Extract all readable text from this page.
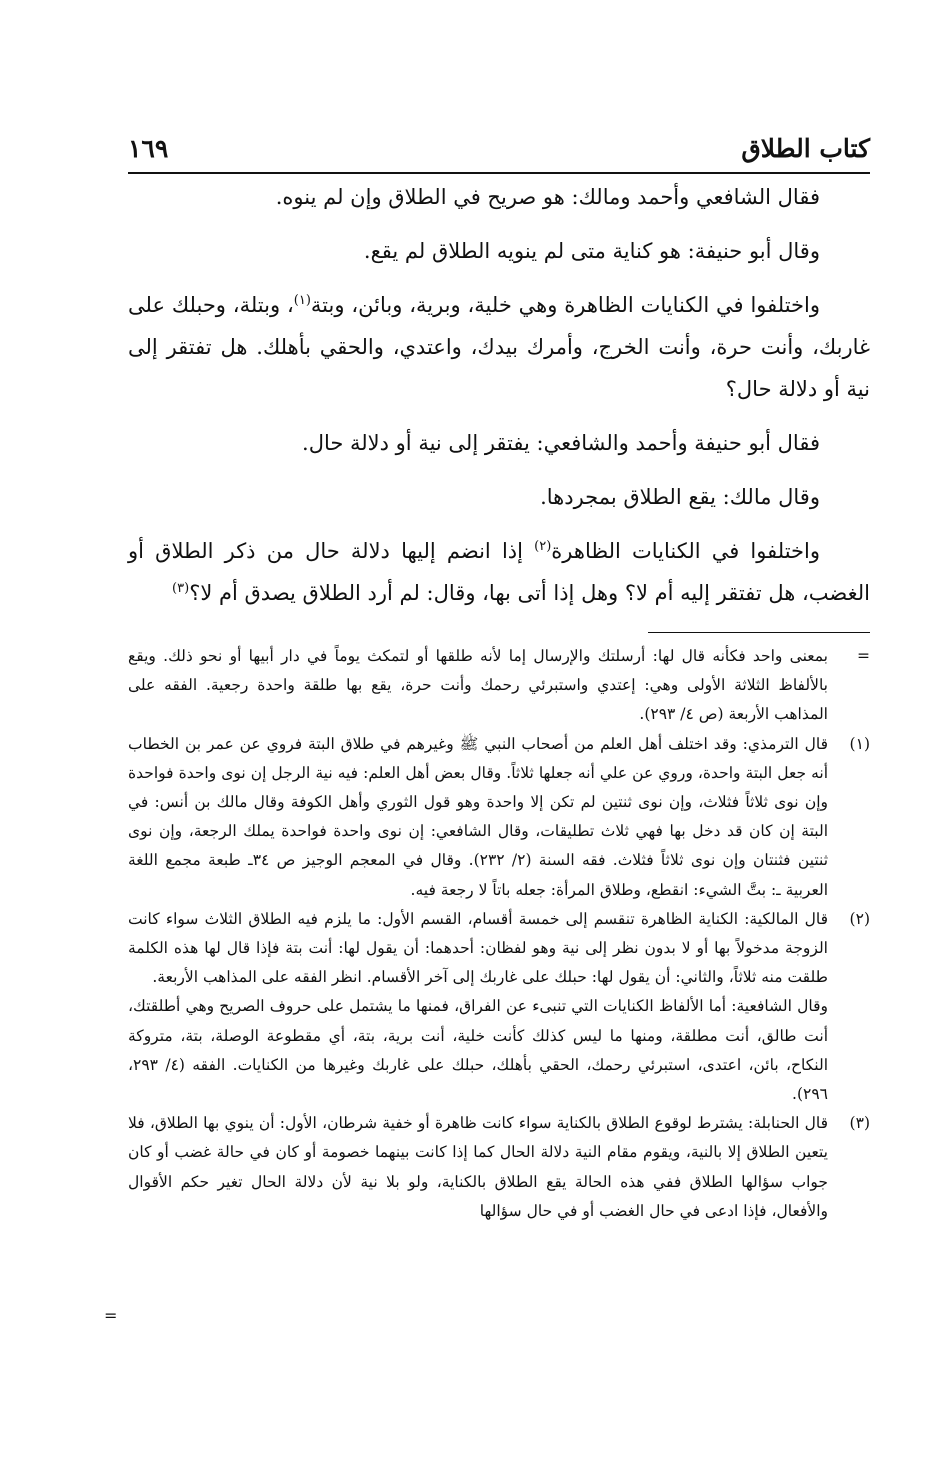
كتاب الطلاق
١٦٩

فقال الشافعي وأحمد ومالك: هو صريح في الطلاق وإن لم ينوه.

وقال أبو حنيفة: هو كناية متى لم ينويه الطلاق لم يقع.

واختلفوا في الكنايات الظاهرة وهي خلية، وبرية، وبائن، وبتة$^{(١)}$، وبتلة، وحبلك على غاربك، وأنت حرة، وأنت الخرج، وأمرك بيدك، واعتدي، والحقي بأهلك. هل تفتقر إلى نية أو دلالة حال؟

فقال أبو حنيفة وأحمد والشافعي: يفتقر إلى نية أو دلالة حال.

وقال مالك: يقع الطلاق بمجردها.

واختلفوا في الكنايات الظاهرة$^{(٢)}$ إذا انضم إليها دلالة حال من ذكر الطلاق أو الغضب، هل تفتقر إليه أم لا؟ وهل إذا أتى بها، وقال: لم أرد الطلاق يصدق أم لا؟$^{(٣)}$

=
بمعنى واحد فكأنه قال لها: أرسلتك والإرسال إما لأنه طلقها أو لتمكث يوماً في دار أبيها أو نحو ذلك. ويقع بالألفاظ الثلاثة الأولى وهي: إعتدي واستبرئي رحمك وأنت حرة، يقع بها طلقة واحدة رجعية. الفقه على المذاهب الأربعة (ص ٤/ ٢٩٣).
(١)
قال الترمذي: وقد اختلف أهل العلم من أصحاب النبي ﷺ وغيرهم في طلاق البتة فروي عن عمر بن الخطاب أنه جعل البتة واحدة، وروي عن علي أنه جعلها ثلاثاً. وقال بعض أهل العلم: فيه نية الرجل إن نوى واحدة فواحدة وإن نوى ثلاثاً فثلاث، وإن نوى ثنتين لم تكن إلا واحدة وهو قول الثوري وأهل الكوفة وقال مالك بن أنس: في البتة إن كان قد دخل بها فهي ثلاث تطليقات، وقال الشافعي: إن نوى واحدة فواحدة يملك الرجعة، وإن نوى ثنتين فثنتان وإن نوى ثلاثاً فثلاث. فقه السنة (٢/ ٢٣٢). وقال في المعجم الوجيز ص ٣٤ـ طبعة مجمع اللغة العربية ـ: بتَّ الشيء: انقطع، وطلاق المرأة: جعله باتاً لا رجعة فيه.
(٢)
قال المالكية: الكناية الظاهرة تنقسم إلى خمسة أقسام، القسم الأول: ما يلزم فيه الطلاق الثلاث سواء كانت الزوجة مدخولاً بها أو لا بدون نظر إلى نية وهو لفظان: أحدهما: أن يقول لها: أنت بتة فإذا قال لها هذه الكلمة طلقت منه ثلاثاً، والثاني: أن يقول لها: حبلك على غاربك إلى آخر الأقسام. انظر الفقه على المذاهب الأربعة.
وقال الشافعية: أما الألفاظ الكنايات التي تنبىء عن الفراق، فمنها ما يشتمل على حروف الصريح وهي أطلقتك، أنت طالق، أنت مطلقة، ومنها ما ليس كذلك كأنت خلية، أنت برية، بتة، أي مقطوعة الوصلة، بتة، متروكة النكاح، بائن، اعتدى، استبرئي رحمك، الحقي بأهلك، حبلك على غاربك وغيرها من الكنايات. الفقه (٤/ ٢٩٣، ٢٩٦).
(٣)
قال الحنابلة: يشترط لوقوع الطلاق بالكناية سواء كانت ظاهرة أو خفية شرطان، الأول: أن ينوي بها الطلاق، فلا يتعين الطلاق إلا بالنية، ويقوم مقام النية دلالة الحال كما إذا كانت بينهما خصومة أو كان في حالة غضب أو كان جواب سؤالها الطلاق ففي هذه الحالة يقع الطلاق بالكناية، ولو بلا نية لأن دلالة الحال تغير حكم الأقوال والأفعال، فإذا ادعى في حال الغضب أو في حال سؤالها
=
